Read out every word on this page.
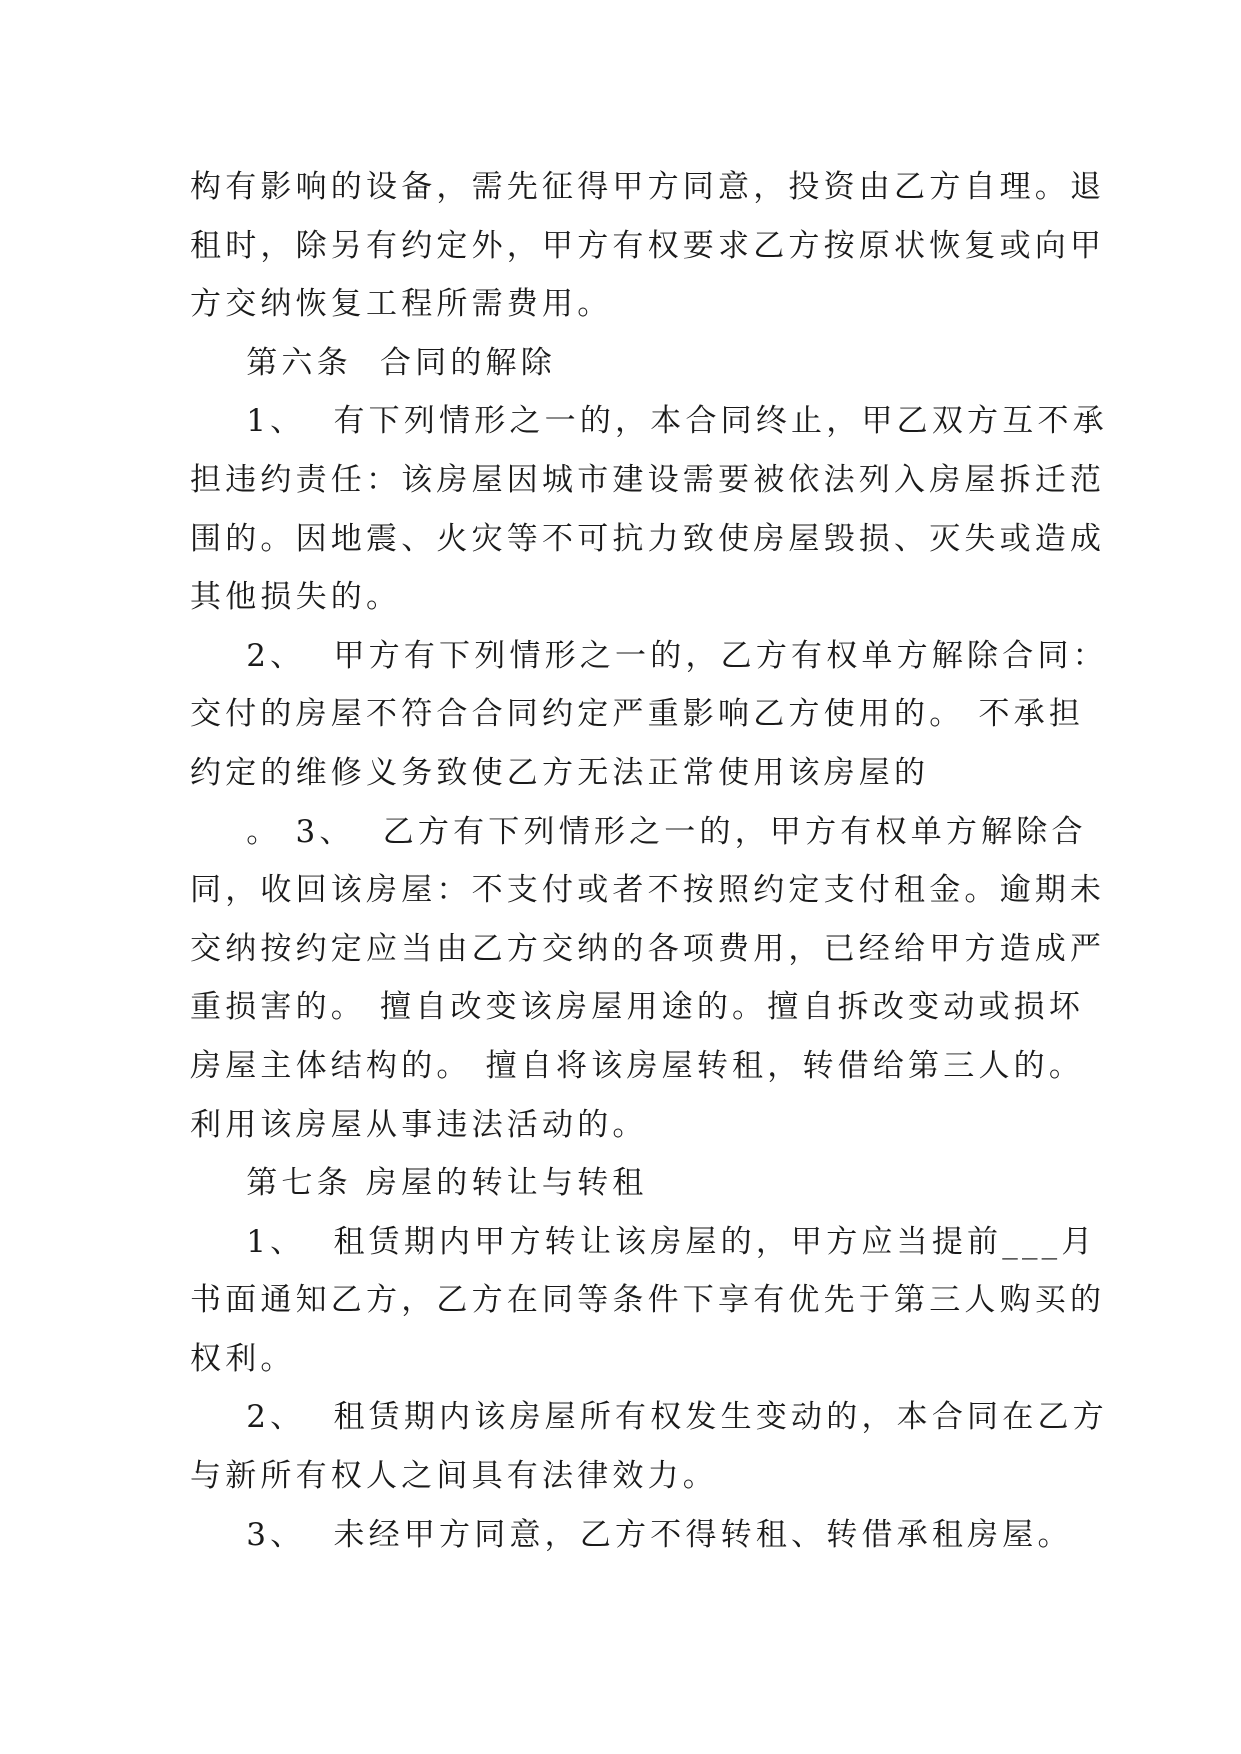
构有影响的设备，需先征得甲方同意，投资由乙方自理。退
租时，除另有约定外，甲方有权要求乙方按原状恢复或向甲
方交纳恢复工程所需费用。
第六条  合同的解除
1、  有下列情形之一的，本合同终止，甲乙双方互不承
担违约责任：该房屋因城市建设需要被依法列入房屋拆迁范
围的。因地震、火灾等不可抗力致使房屋毁损、灭失或造成
其他损失的。
2、  甲方有下列情形之一的，乙方有权单方解除合同：
交付的房屋不符合合同约定严重影响乙方使用的。 不承担
约定的维修义务致使乙方无法正常使用该房屋的
。 3、  乙方有下列情形之一的，甲方有权单方解除合
同，收回该房屋：不支付或者不按照约定支付租金。逾期未
交纳按约定应当由乙方交纳的各项费用，已经给甲方造成严
重损害的。 擅自改变该房屋用途的。擅自拆改变动或损坏
房屋主体结构的。 擅自将该房屋转租，转借给第三人的。
利用该房屋从事违法活动的。
第七条 房屋的转让与转租
1、  租赁期内甲方转让该房屋的，甲方应当提前___月
书面通知乙方，乙方在同等条件下享有优先于第三人购买的
权利。
2、  租赁期内该房屋所有权发生变动的，本合同在乙方
与新所有权人之间具有法律效力。
3、  未经甲方同意，乙方不得转租、转借承租房屋。
